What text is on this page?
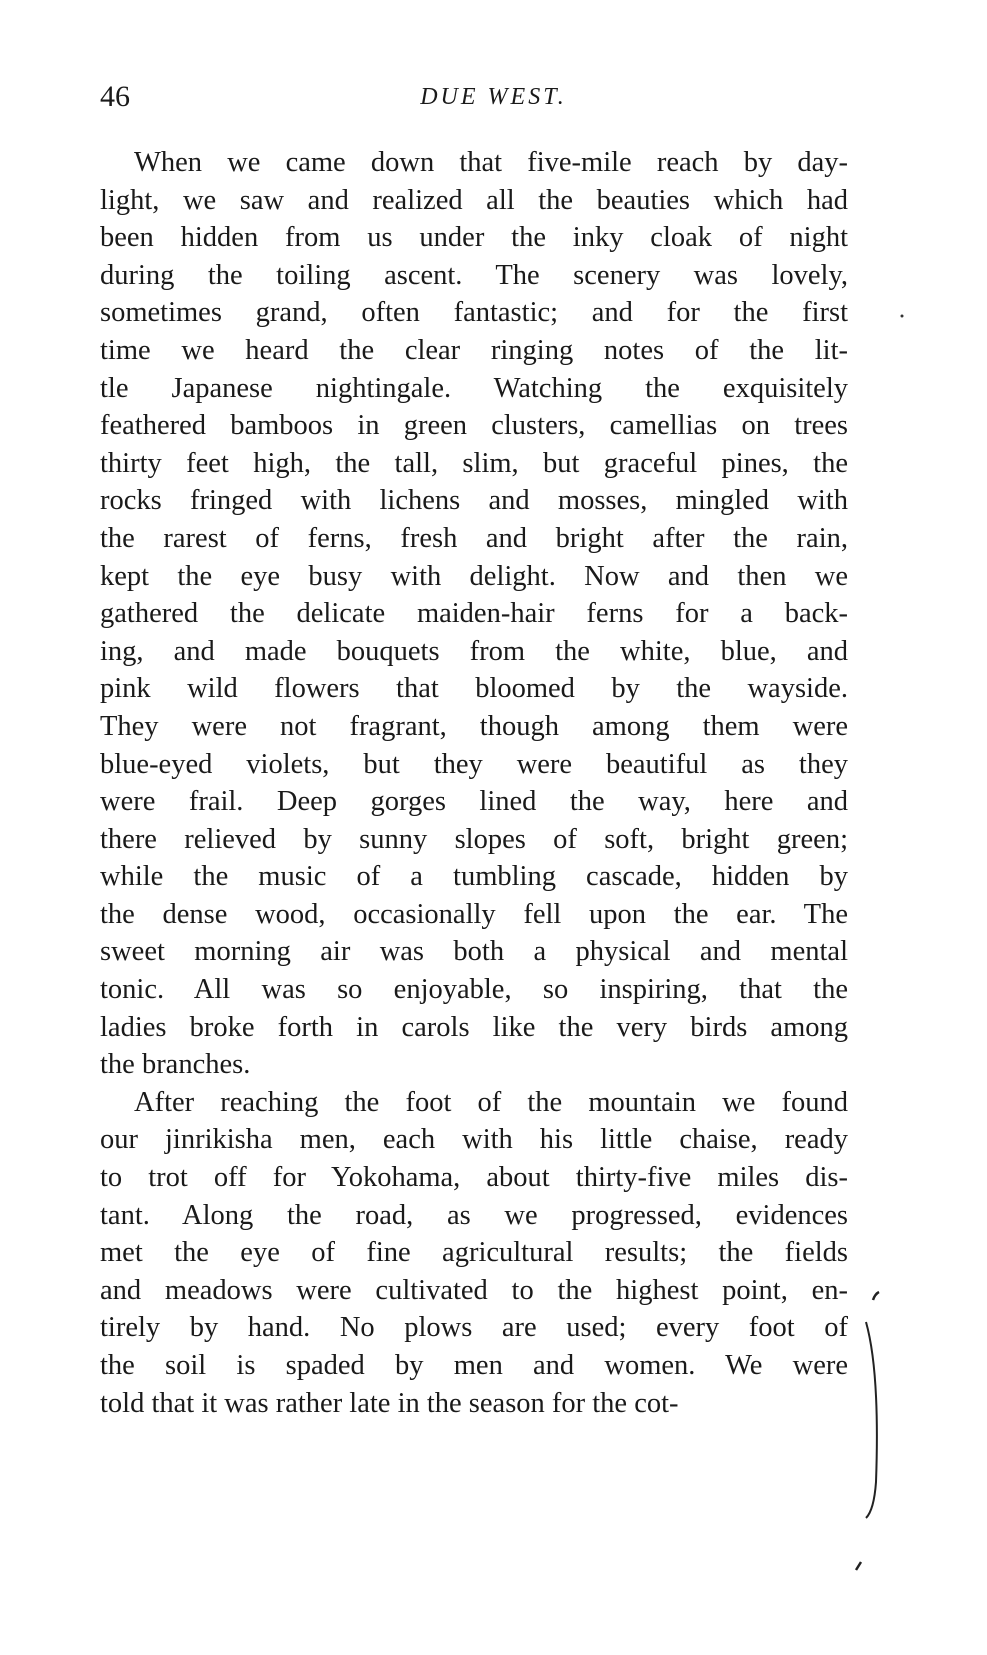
46	DUE WEST.
When we came down that five-mile reach by day-
light, we saw and realized all the beauties which had
been hidden from us under the inky cloak of night
during the toiling ascent. The scenery was lovely,
sometimes grand, often fantastic; and for the first
time we heard the clear ringing notes of the lit-
tle Japanese nightingale. Watching the exquisitely
feathered bamboos in green clusters, camellias on trees
thirty feet high, the tall, slim, but graceful pines, the
rocks fringed with lichens and mosses, mingled with
the rarest of ferns, fresh and bright after the rain,
kept the eye busy with delight. Now and then we
gathered the delicate maiden-hair ferns for a back-
ing, and made bouquets from the white, blue, and
pink wild flowers that bloomed by the wayside.
They were not fragrant, though among them were
blue-eyed violets, but they were beautiful as they
were frail. Deep gorges lined the way, here and
there relieved by sunny slopes of soft, bright green;
while the music of a tumbling cascade, hidden by
the dense wood, occasionally fell upon the ear. The
sweet morning air was both a physical and mental
tonic. All was so enjoyable, so inspiring, that the
ladies broke forth in carols like the very birds among
the branches.
After reaching the foot of the mountain we found
our jinrikisha men, each with his little chaise, ready
to trot off for Yokohama, about thirty-five miles dis-
tant. Along the road, as we progressed, evidences
met the eye of fine agricultural results; the fields
and meadows were cultivated to the highest point, en-
tirely by hand. No plows are used; every foot of
the soil is spaded by men and women. We were
told that it was rather late in the season for the cot-
